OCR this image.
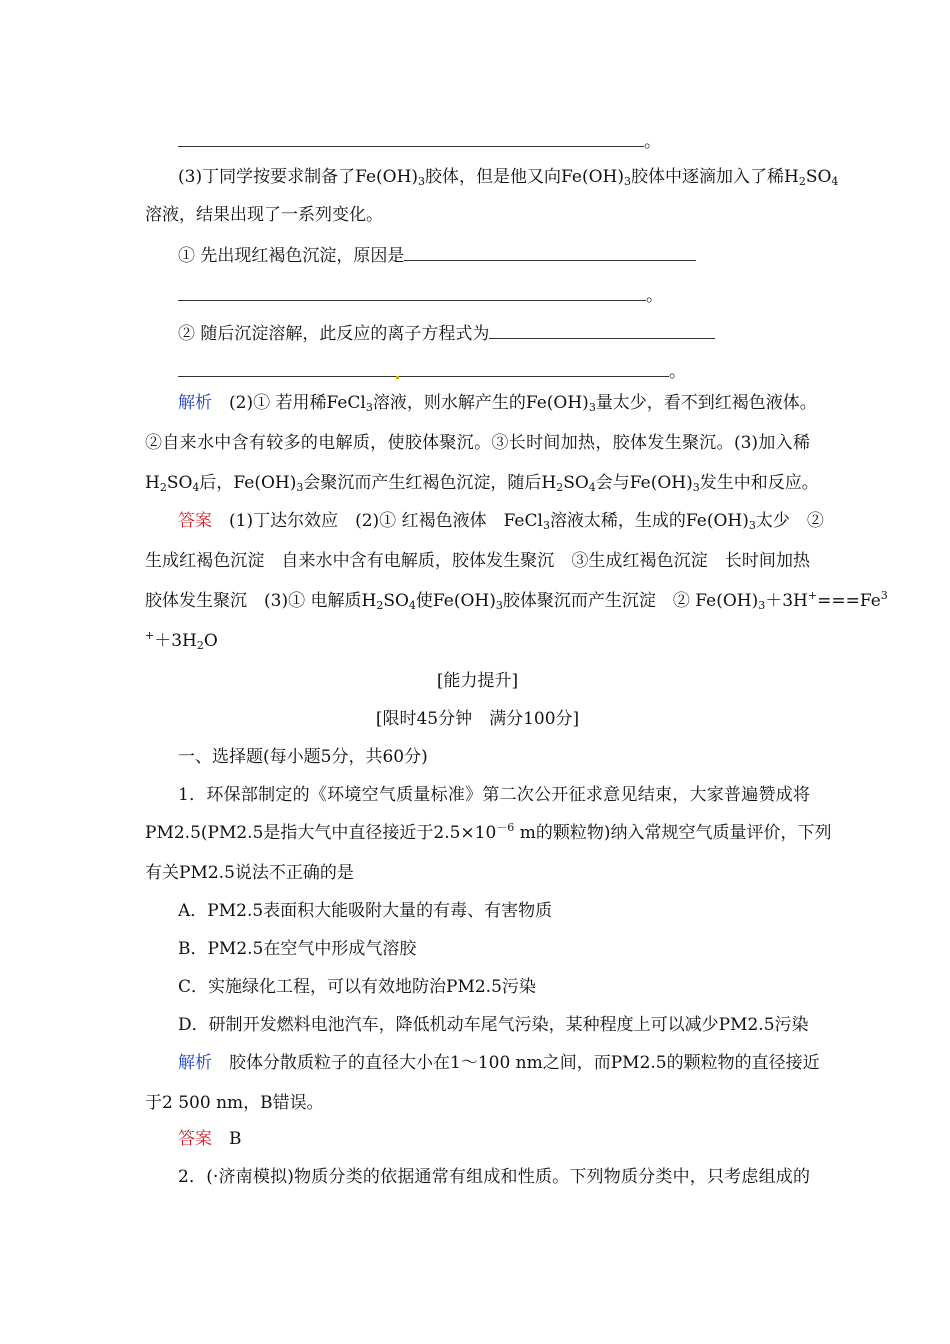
。
(3)丁同学按要求制备了$Fe(OH)_3$胶体，但是他又向$Fe(OH)_3$胶体中逐滴加入了稀$H_2SO_4$
溶液，结果出现了一系列变化。
① 先出现红褐色沉淀，原因是
。
② 随后沉淀溶解，此反应的离子方程式为
。
解析　 (2)① 若用稀FeCl$_3$溶液，则水解产生的$Fe(OH)_3$量太少，看不到红褐色液体。
②自来水中含有较多的电解质，使胶体聚沉。③长时间加热，胶体发生聚沉。(3)加入稀
$H_2SO_4$后，$Fe(OH)_3$会聚沉而产生红褐色沉淀，随后$H_2SO_4$会与$Fe(OH)_3$发生中和反应。
答案　 (1)丁达尔效应　(2)① 红褐色液体　FeCl$_3$溶液太稀，生成的$Fe(OH)_3$太少　②
生成红褐色沉淀　自来水中含有电解质，胶体发生聚沉　③生成红褐色沉淀　长时间加热
胶体发生聚沉　(3)① 电解质$H_2SO_4$使$Fe(OH)_3$胶体聚沉而产生沉淀　② $Fe(OH)_3+3H^+===Fe^3$
$^++3H_2O$
[能力提升]
[限时45分钟　满分100分]
一、选择题(每小题5分，共60分)
1．环保部制定的《环境空气质量标准》第二次公开征求意见结束，大家普遍赞成将
PM2.5(PM2.5是指大气中直径接近于$2.5\times 10^{-6}$ m的颗粒物)纳入常规空气质量评价，下列
有关PM2.5说法不正确的是
A．PM2.5表面积大能吸附大量的有毒、有害物质
B．PM2.5在空气中形成气溶胶
C．实施绿化工程，可以有效地防治PM2.5污染
D．研制开发燃料电池汽车，降低机动车尾气污染，某种程度上可以减少PM2.5污染
解析　 胶体分散质粒子的直径大小在1～100 nm之间，而PM2.5的颗粒物的直径接近
于2 500 nm，B错误。
答案　 B
2．(·济南模拟)物质分类的依据通常有组成和性质。下列物质分类中，只考虑组成的
